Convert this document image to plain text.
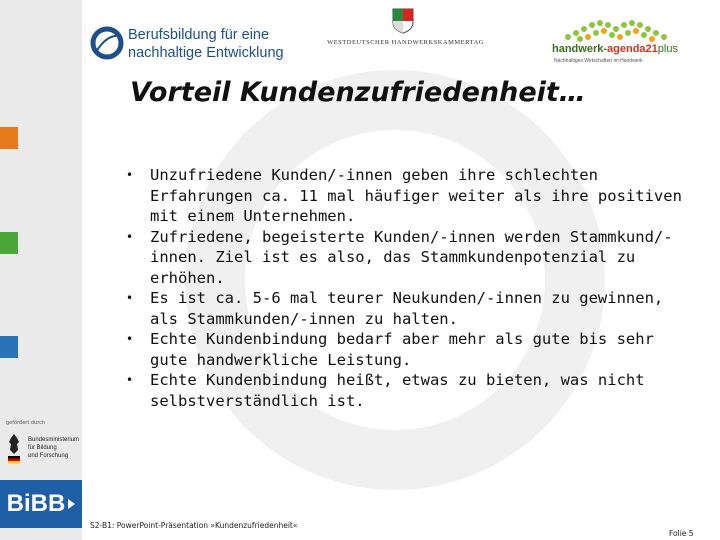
gefördert durch
Bundesministerium
für Bildung
und Forschung
BiBB
Berufsbildung für eine
nachhaltige Entwicklung
WESTDEUTSCHER HANDWERKSKAMMERTAG
handwerk-agenda21plus
Nachhaltiges Wirtschaften im Handwerk
Vorteil Kundenzufriedenheit…
• Unzufriedene Kunden/-innen geben ihre schlechten Erfahrungen ca. 11 mal häufiger weiter als ihre positiven mit einem Unternehmen.
• Zufriedene, begeisterte Kunden/-innen werden Stammkund/-innen. Ziel ist es also, das Stammkundenpotenzial zu erhöhen.
• Es ist ca. 5-6 mal teurer Neukunden/-innen zu gewinnen, als Stammkunden/-innen zu halten.
• Echte Kundenbindung bedarf aber mehr als gute bis sehr gute handwerkliche Leistung.
• Echte Kundenbindung heißt, etwas zu bieten, was nicht selbstverständlich ist.
S2-B1: PowerPoint-Präsentation »Kundenzufriedenheit«
Folie 5
